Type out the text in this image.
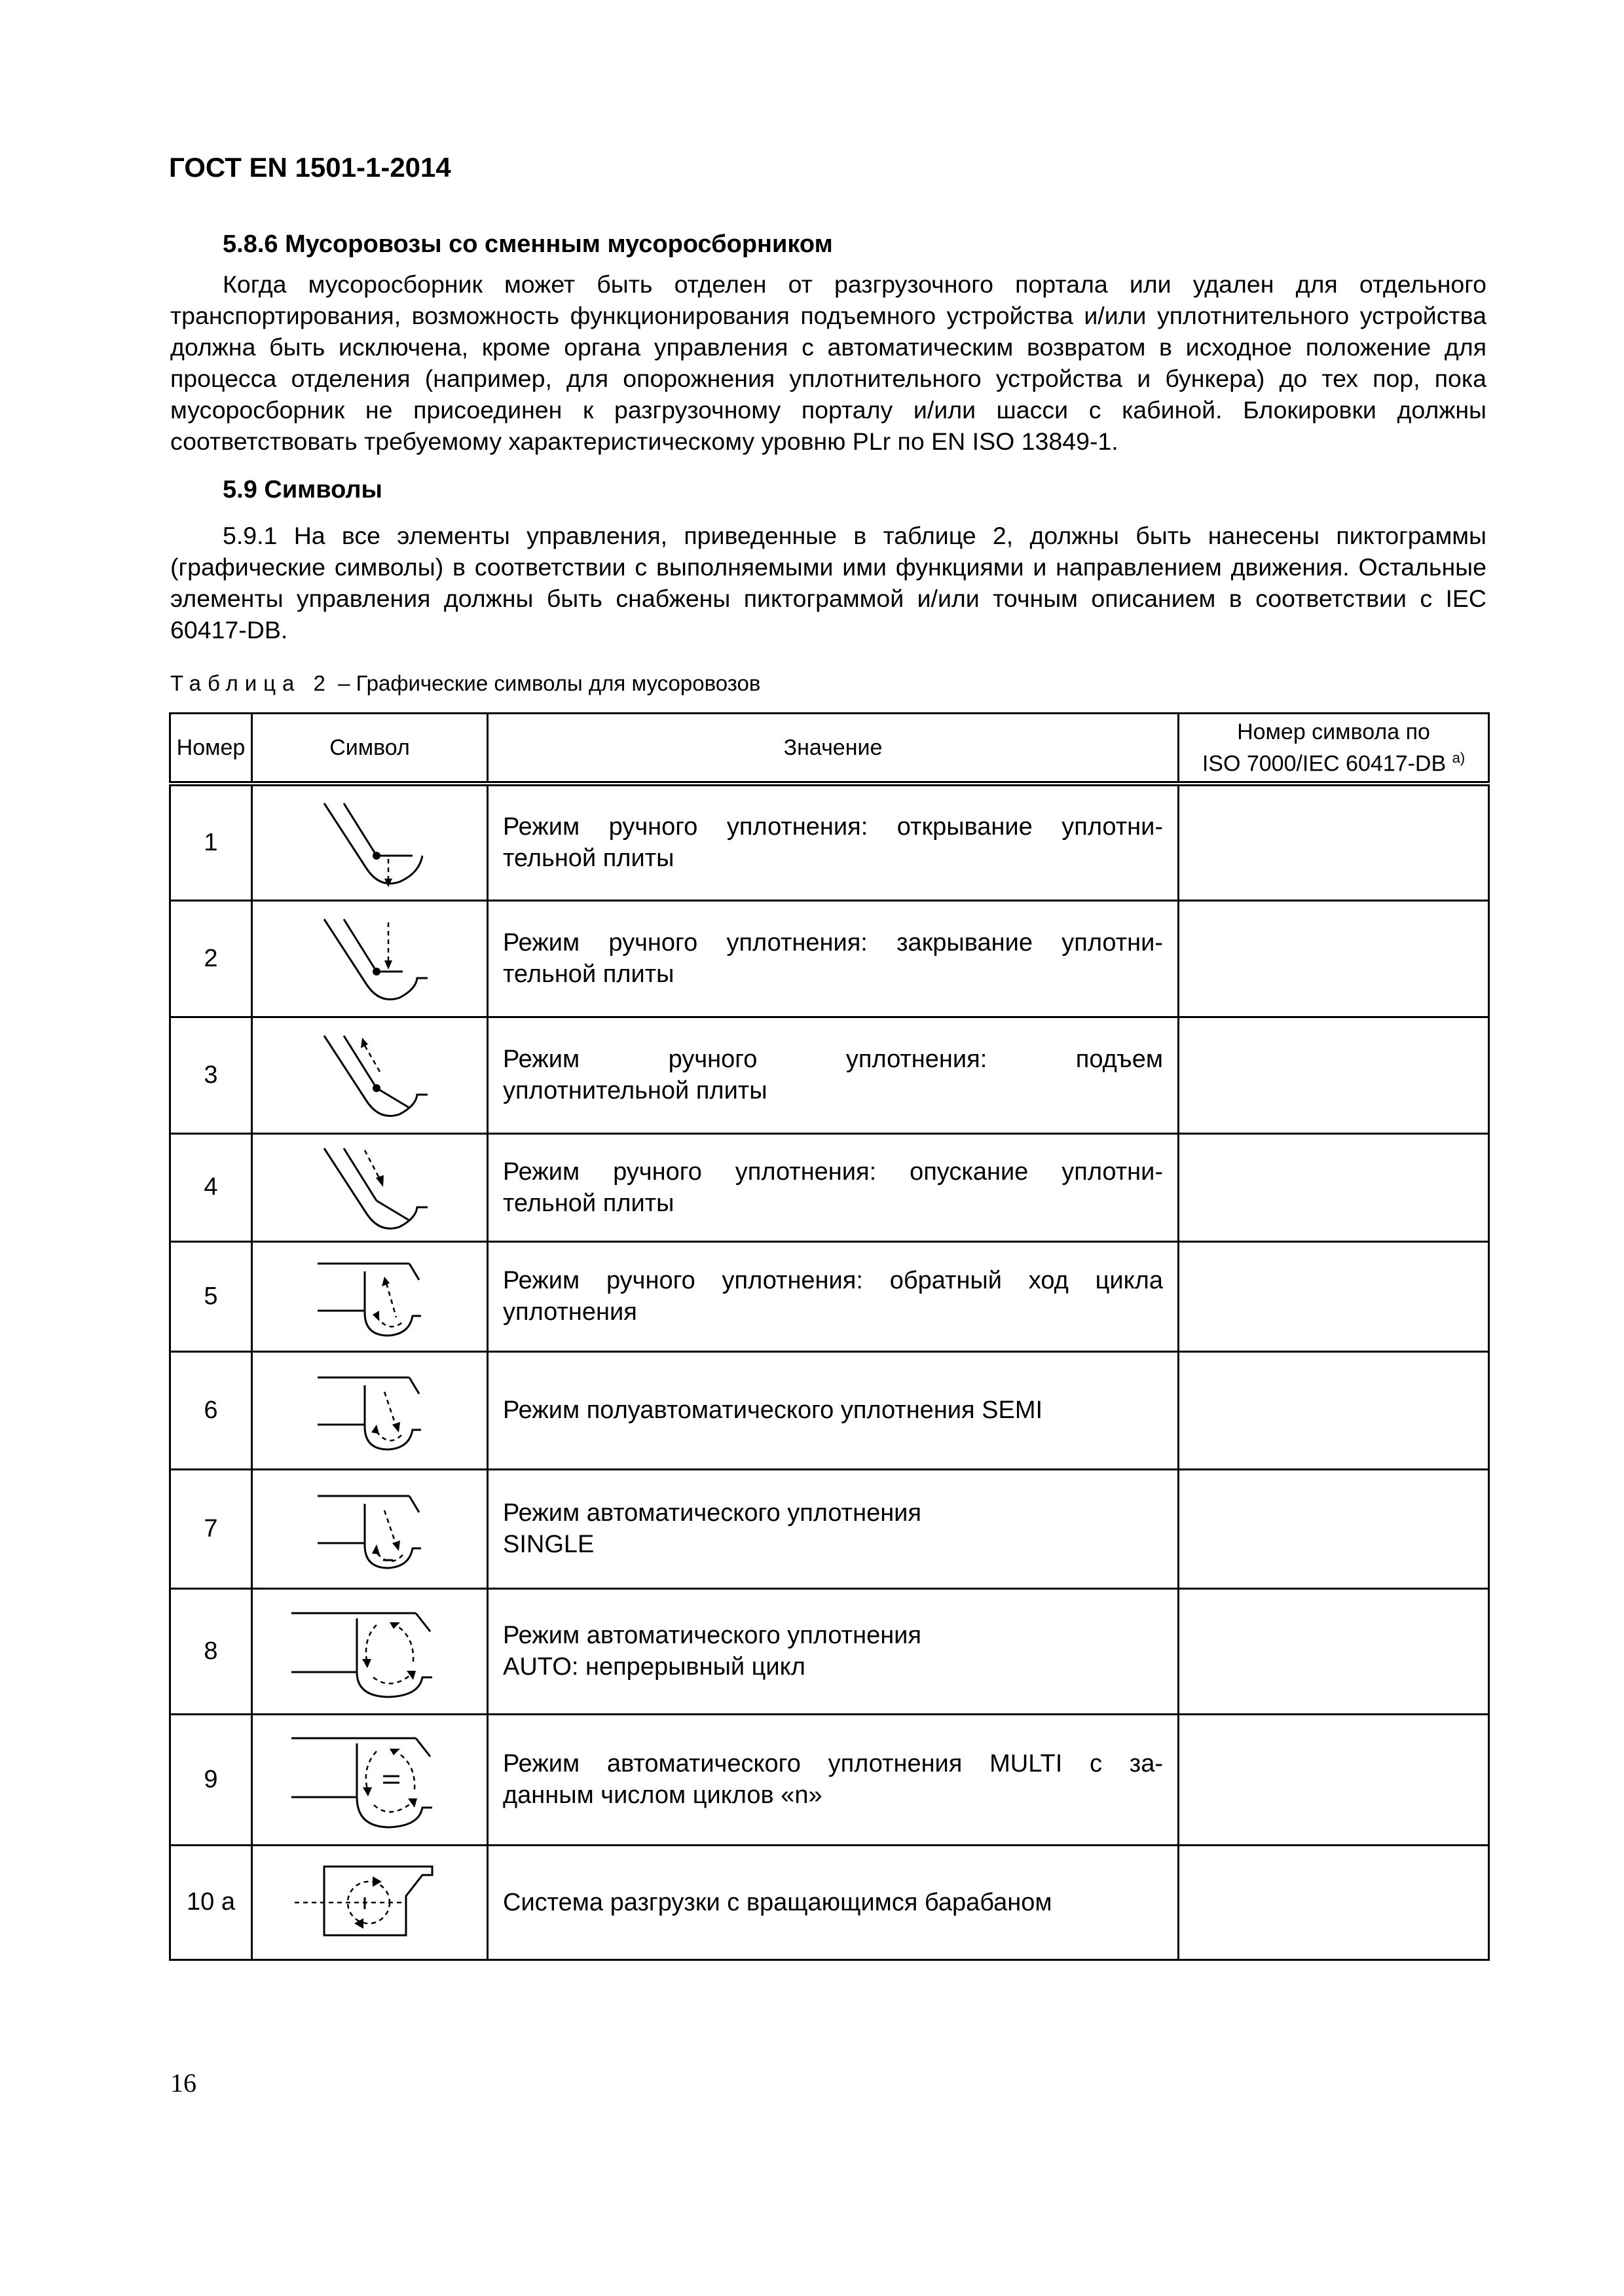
ГОСТ EN 1501-1-2014

5.8.6 Мусоровозы со сменным мусоросборником

Когда мусоросборник может быть отделен от разгрузочного портала или удален для отдельного транспортирования, возможность функционирования подъемного устройства и/или уплотнительного устройства должна быть исключена, кроме органа управления с автоматическим возвратом в исходное положение для процесса отделения (например, для опорожнения уплотнительного устройства и бункера) до тех пор, пока мусоросборник не присоединен к разгрузочному порталу и/или шасси с кабиной. Блокировки должны соответствовать требуемому характеристическому уровню PLr по EN ISO 13849-1.

5.9 Символы

5.9.1 На все элементы управления, приведенные в таблице 2, должны быть нанесены пиктограммы (графические символы) в соответствии с выполняемыми ими функциями и направлением движения. Остальные элементы управления должны быть снабжены пиктограммой и/или точным описанием в соответствии с IEC 60417-DB.

Таблица 2 – Графические символы для мусоровозов

Номер	Символ	Значение	Номер символа по
ISO 7000/IEC 60417-DB $^{a)}$
1		Режим ручного уплотнения: открывание уплотни-
тельной плиты	

2		Режим ручного уплотнения: закрывание уплотни-
тельной плиты	

3		Режим ручного уплотнения: подъем
уплотнительной плиты	

4		Режим ручного уплотнения: опускание уплотни-
тельной плиты	

5		Режим ручного уплотнения: обратный ход цикла
уплотнения	

6		Режим полуавтоматического уплотнения SEMI	

7		Режим автоматического уплотнения
SINGLE	

8		Режим автоматического уплотнения
AUTO: непрерывный цикл	

9		Режим автоматического уплотнения MULTI с за-
данным числом циклов «n»	

10 a		Система разгрузки с вращающимся барабаном	

16
